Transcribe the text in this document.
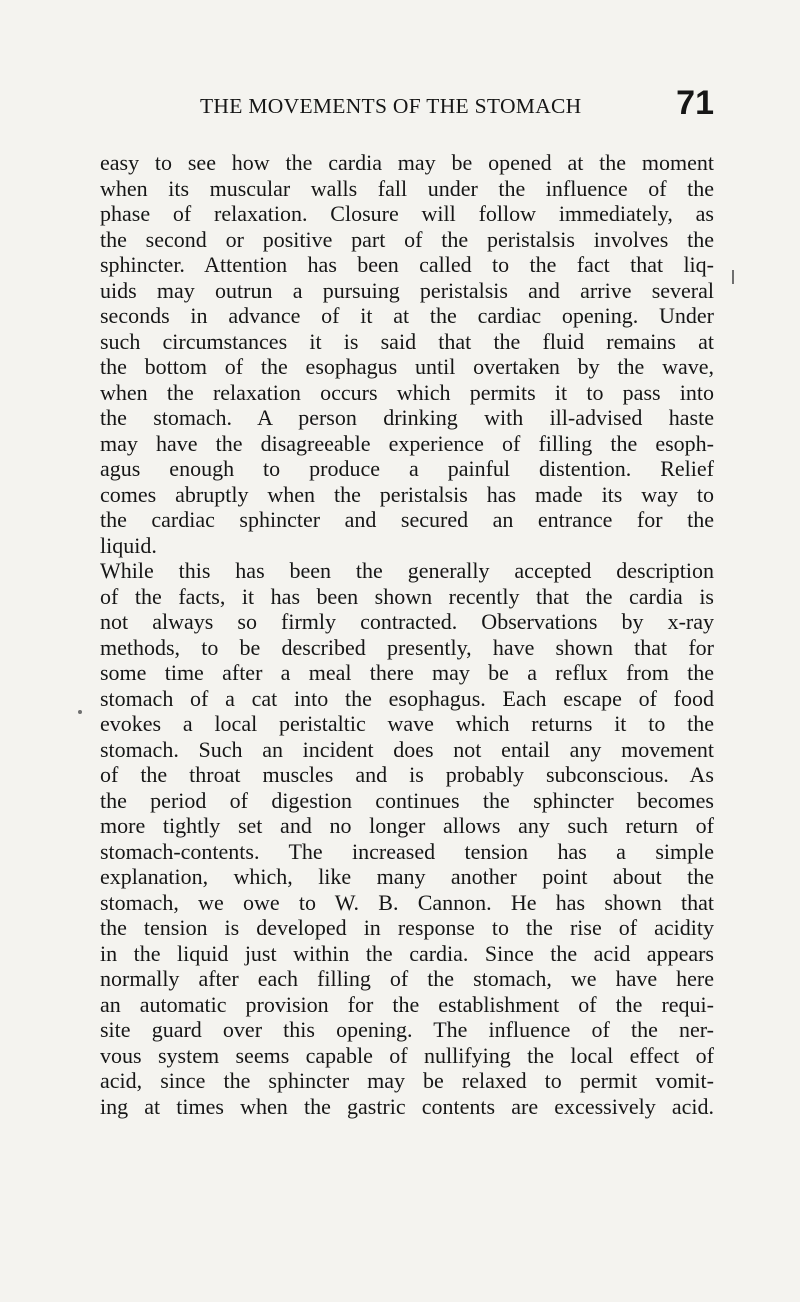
THE MOVEMENTS OF THE STOMACH	71
easy to see how the cardia may be opened at the moment
when its muscular walls fall under the influence of the
phase of relaxation. Closure will follow immediately, as
the second or positive part of the peristalsis involves the
sphincter. Attention has been called to the fact that liq-
uids may outrun a pursuing peristalsis and arrive several
seconds in advance of it at the cardiac opening. Under
such circumstances it is said that the fluid remains at
the bottom of the esophagus until overtaken by the wave,
when the relaxation occurs which permits it to pass into
the stomach. A person drinking with ill-advised haste
may have the disagreeable experience of filling the esoph-
agus enough to produce a painful distention. Relief
comes abruptly when the peristalsis has made its way to
the cardiac sphincter and secured an entrance for the
liquid.
While this has been the generally accepted description
of the facts, it has been shown recently that the cardia is
not always so firmly contracted. Observations by x-ray
methods, to be described presently, have shown that for
some time after a meal there may be a reflux from the
stomach of a cat into the esophagus. Each escape of food
evokes a local peristaltic wave which returns it to the
stomach. Such an incident does not entail any movement
of the throat muscles and is probably subconscious. As
the period of digestion continues the sphincter becomes
more tightly set and no longer allows any such return of
stomach-contents. The increased tension has a simple
explanation, which, like many another point about the
stomach, we owe to W. B. Cannon. He has shown that
the tension is developed in response to the rise of acidity
in the liquid just within the cardia. Since the acid appears
normally after each filling of the stomach, we have here
an automatic provision for the establishment of the requi-
site guard over this opening. The influence of the ner-
vous system seems capable of nullifying the local effect of
acid, since the sphincter may be relaxed to permit vomit-
ing at times when the gastric contents are excessively acid.
